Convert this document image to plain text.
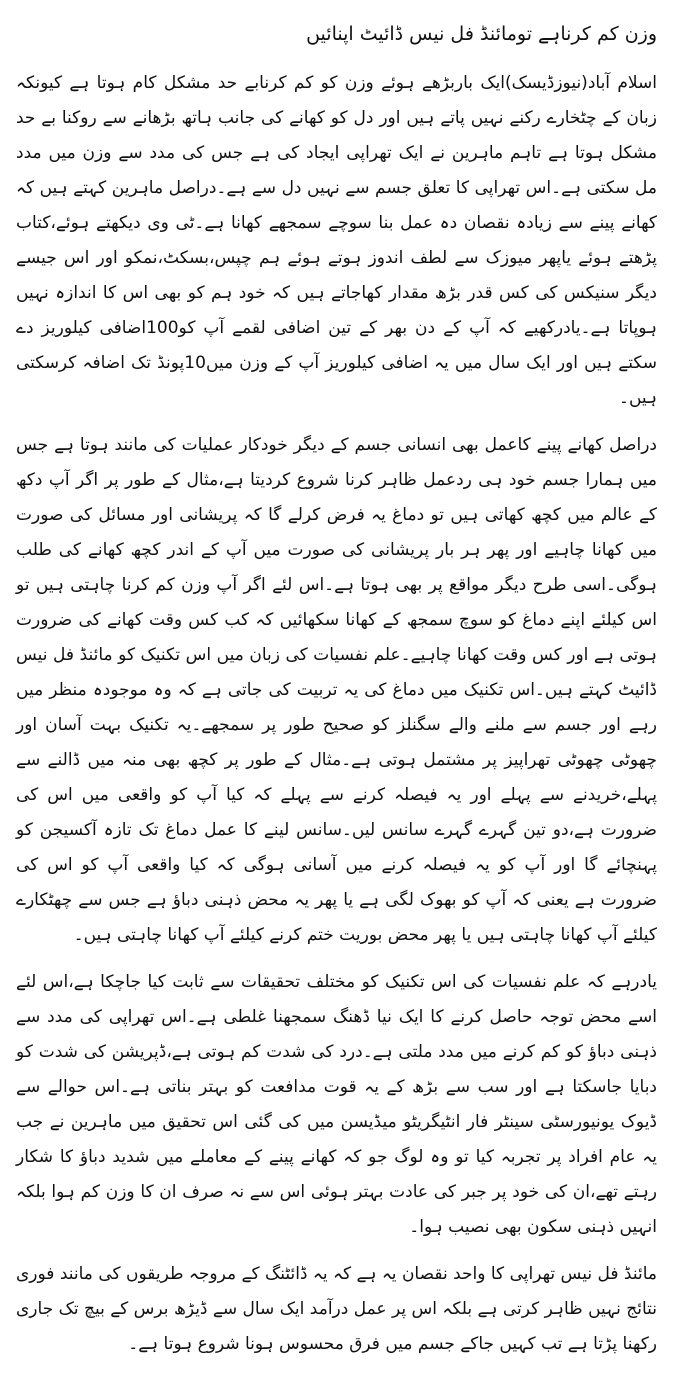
وزن کم کرناہے تومائنڈ فل نیس ڈائیٹ اپنائیں

اسلام آباد(نیوزڈیسک)ایک باربڑھے ہوئے وزن کو کم کرنابے حد مشکل کام ہوتا ہے کیونکہ زبان کے چٹخارے رکنے نہیں پاتے ہیں اور دل کو کھانے کی جانب ہاتھ بڑھانے سے روکنا بے حد مشکل ہوتا ہے تاہم ماہرین نے ایک تھراپی ایجاد کی ہے جس کی مدد سے وزن میں مدد مل سکتی ہے۔اس تھراپی کا تعلق جسم سے نہیں دل سے ہے۔دراصل ماہرین کہتے ہیں کہ کھانے پینے سے زیادہ نقصان دہ عمل بنا سوچے سمجھے کھانا ہے۔ٹی وی دیکھتے ہوئے،کتاب پڑھتے ہوئے یاپھر میوزک سے لطف اندوز ہوتے ہوئے ہم چپس،بسکٹ،نمکو اور اس جیسے دیگر سنیکس کی کس قدر بڑھ مقدار کھاجاتے ہیں کہ خود ہم کو بھی اس کا اندازہ نہیں ہوپاتا ہے۔یادرکھیے کہ آپ کے دن بھر کے تین اضافی لقمے آپ کو100اضافی کیلوریز دے سکتے ہیں اور ایک سال میں یہ اضافی کیلوریز آپ کے وزن میں10پونڈ تک اضافہ کرسکتی ہیں۔

دراصل کھانے پینے کاعمل بھی انسانی جسم کے دیگر خودکار عملیات کی مانند ہوتا ہے جس میں ہمارا جسم خود ہی ردعمل ظاہر کرنا شروع کردیتا ہے،مثال کے طور پر اگر آپ دکھ کے عالم میں کچھ کھاتی ہیں تو دماغ یہ فرض کرلے گا کہ پریشانی اور مسائل کی صورت میں کھانا چاہیے اور پھر ہر بار پریشانی کی صورت میں آپ کے اندر کچھ کھانے کی طلب ہوگی۔اسی طرح دیگر مواقع پر بھی ہوتا ہے۔اس لئے اگر آپ وزن کم کرنا چاہتی ہیں تو اس کیلئے اپنے دماغ کو سوچ سمجھ کے کھانا سکھائیں کہ کب کس وقت کھانے کی ضرورت ہوتی ہے اور کس وقت کھانا چاہیے۔علم نفسیات کی زبان میں اس تکنیک کو مائنڈ فل نیس ڈائیٹ کہتے ہیں۔اس تکنیک میں دماغ کی یہ تربیت کی جاتی ہے کہ وہ موجودہ منظر میں رہے اور جسم سے ملنے والے سگنلز کو صحیح طور پر سمجھے۔یہ تکنیک بہت آسان اور چھوٹی چھوٹی تھراپیز پر مشتمل ہوتی ہے۔مثال کے طور پر کچھ بھی منہ میں ڈالنے سے پہلے،خریدنے سے پہلے اور یہ فیصلہ کرنے سے پہلے کہ کیا آپ کو واقعی میں اس کی ضرورت ہے،دو تین گہرے گہرے سانس لیں۔سانس لینے کا عمل دماغ تک تازہ آکسیجن کو پہنچائے گا اور آپ کو یہ فیصلہ کرنے میں آسانی ہوگی کہ کیا واقعی آپ کو اس کی ضرورت ہے یعنی کہ آپ کو بھوک لگی ہے یا پھر یہ محض ذہنی دباؤ ہے جس سے چھٹکارے کیلئے آپ کھانا چاہتی ہیں یا پھر محض بوریت ختم کرنے کیلئے آپ کھانا چاہتی ہیں۔

یادرہے کہ علم نفسیات کی اس تکنیک کو مختلف تحقیقات سے ثابت کیا جاچکا ہے،اس لئے اسے محض توجہ حاصل کرنے کا ایک نیا ڈھنگ سمجھنا غلطی ہے۔اس تھراپی کی مدد سے ذہنی دباؤ کو کم کرنے میں مدد ملتی ہے۔درد کی شدت کم ہوتی ہے،ڈپریشن کی شدت کو دبایا جاسکتا ہے اور سب سے بڑھ کے یہ قوت مدافعت کو بہتر بناتی ہے۔اس حوالے سے ڈیوک یونیورسٹی سینٹر فار انٹیگریٹو میڈیسن میں کی گئی اس تحقیق میں ماہرین نے جب یہ عام افراد پر تجربہ کیا تو وہ لوگ جو کہ کھانے پینے کے معاملے میں شدید دباؤ کا شکار رہتے تھے،ان کی خود پر جبر کی عادت بہتر ہوئی اس سے نہ صرف ان کا وزن کم ہوا بلکہ انہیں ذہنی سکون بھی نصیب ہوا۔

مائنڈ فل نیس تھراپی کا واحد نقصان یہ ہے کہ یہ ڈائٹنگ کے مروجہ طریقوں کی مانند فوری نتائج نہیں ظاہر کرتی ہے بلکہ اس پر عمل درآمد ایک سال سے ڈیڑھ برس کے بیچ تک جاری رکھنا پڑتا ہے تب کہیں جاکے جسم میں فرق محسوس ہونا شروع ہوتا ہے۔
